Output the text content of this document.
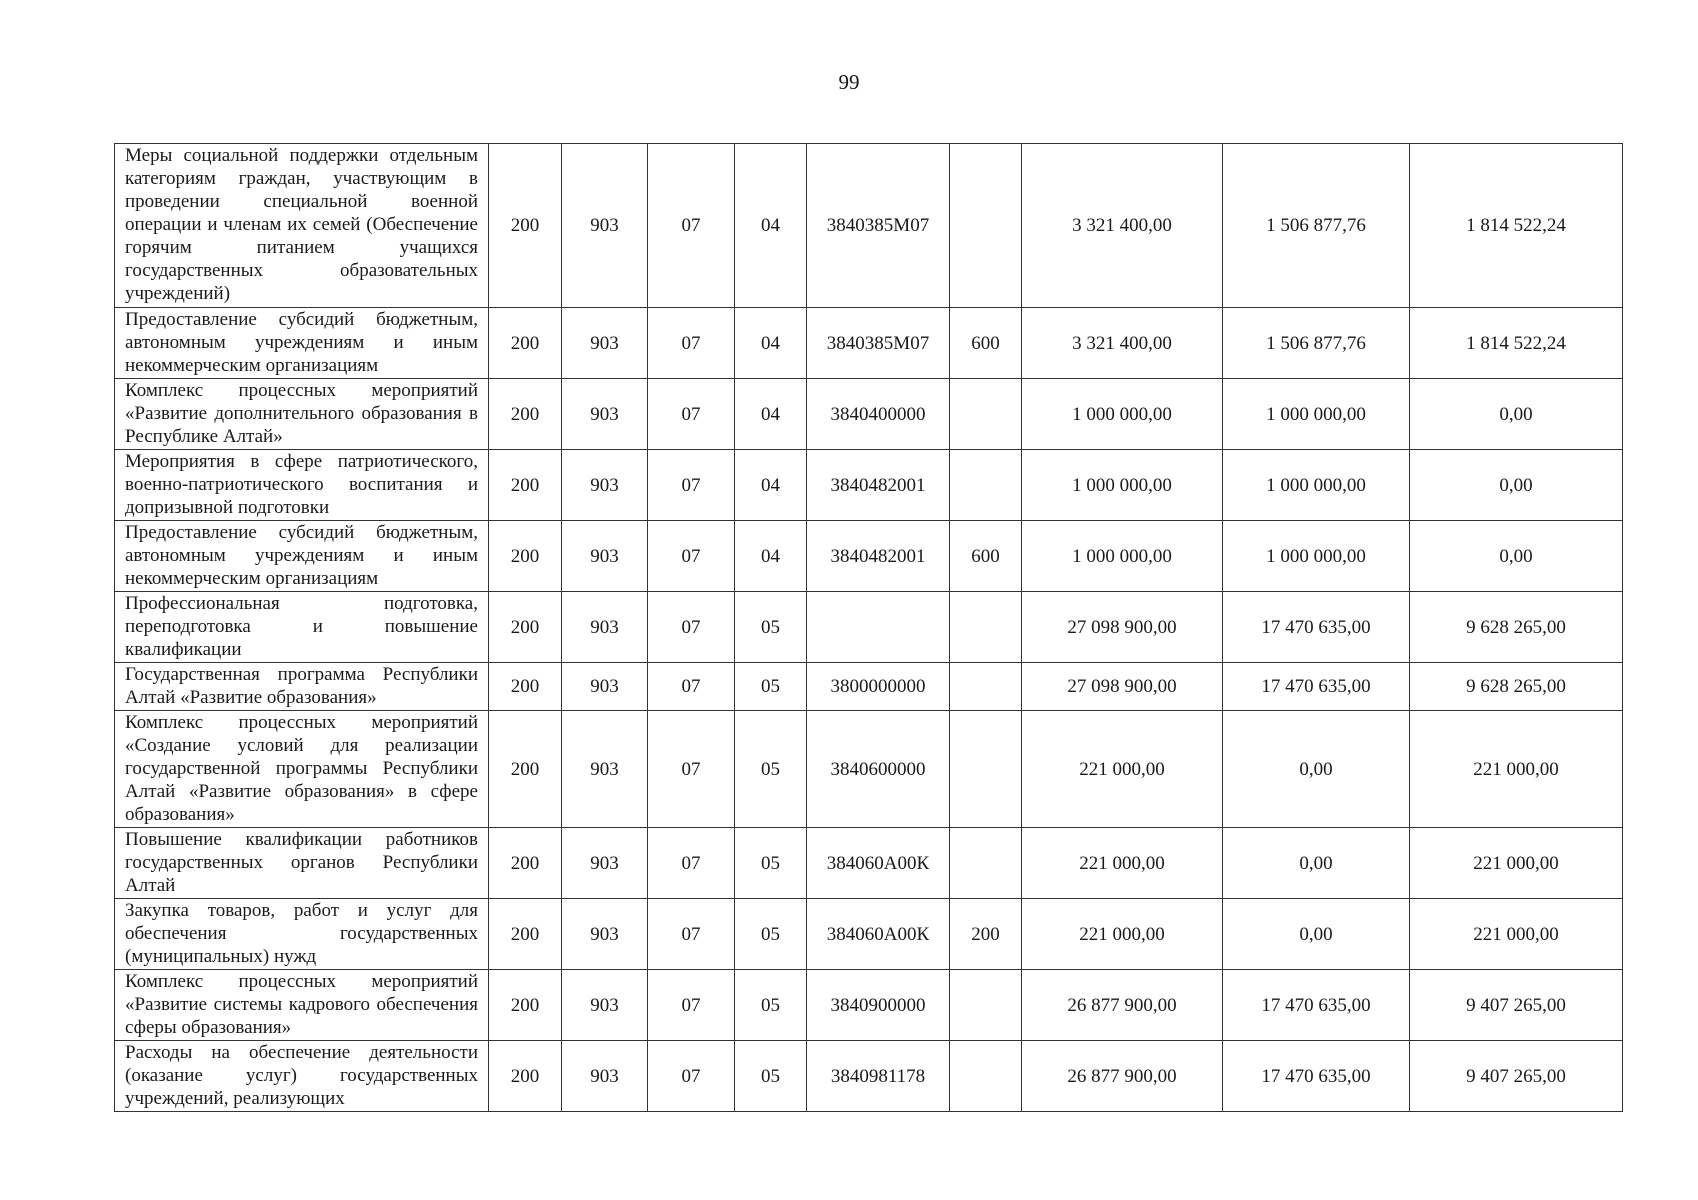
99
Меры социальной поддержки отдельным категориям граждан, участвующим в проведении специальной военной операции и членам их семей (Обеспечение горячим питанием учащихся государственных образовательных учреждений)	200	903	07	04	3840385М07		3 321 400,00	1 506 877,76	1 814 522,24
Предоставление субсидий бюджетным, автономным учреждениям и иным некоммерческим организациям	200	903	07	04	3840385М07	600	3 321 400,00	1 506 877,76	1 814 522,24
Комплекс процессных мероприятий «Развитие дополнительного образования в Республике Алтай»	200	903	07	04	3840400000		1 000 000,00	1 000 000,00	0,00
Мероприятия в сфере патриотического, военно-патриотического воспитания и допризывной подготовки	200	903	07	04	3840482001		1 000 000,00	1 000 000,00	0,00
Предоставление субсидий бюджетным, автономным учреждениям и иным некоммерческим организациям	200	903	07	04	3840482001	600	1 000 000,00	1 000 000,00	0,00
Профессиональная подготовка, переподготовка и повышение квалификации	200	903	07	05			27 098 900,00	17 470 635,00	9 628 265,00
Государственная программа Республики Алтай «Развитие образования»	200	903	07	05	3800000000		27 098 900,00	17 470 635,00	9 628 265,00
Комплекс процессных мероприятий «Создание условий для реализации государственной программы Республики Алтай «Развитие образования» в сфере образования»	200	903	07	05	3840600000		221 000,00	0,00	221 000,00
Повышение квалификации работников государственных органов Республики Алтай	200	903	07	05	384060А00К		221 000,00	0,00	221 000,00
Закупка товаров, работ и услуг для обеспечения государственных (муниципальных) нужд	200	903	07	05	384060А00К	200	221 000,00	0,00	221 000,00
Комплекс процессных мероприятий «Развитие системы кадрового обеспечения сферы образования»	200	903	07	05	3840900000		26 877 900,00	17 470 635,00	9 407 265,00
Расходы на обеспечение деятельности (оказание услуг) государственных учреждений, реализующих	200	903	07	05	3840981178		26 877 900,00	17 470 635,00	9 407 265,00
